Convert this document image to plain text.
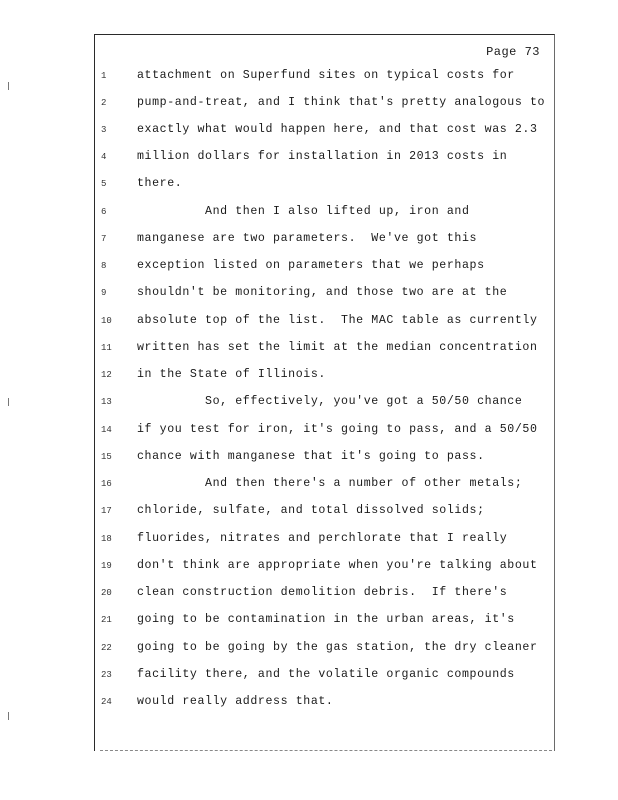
Page 73
1	attachment on Superfund sites on typical costs for
2	pump-and-treat, and I think that's pretty analogous to
3	exactly what would happen here, and that cost was 2.3
4	million dollars for installation in 2013 costs in
5	there.
6	And then I also lifted up, iron and
7	manganese are two parameters.  We've got this
8	exception listed on parameters that we perhaps
9	shouldn't be monitoring, and those two are at the
10	absolute top of the list.  The MAC table as currently
11	written has set the limit at the median concentration
12	in the State of Illinois.
13	So, effectively, you've got a 50/50 chance
14	if you test for iron, it's going to pass, and a 50/50
15	chance with manganese that it's going to pass.
16	And then there's a number of other metals;
17	chloride, sulfate, and total dissolved solids;
18	fluorides, nitrates and perchlorate that I really
19	don't think are appropriate when you're talking about
20	clean construction demolition debris.  If there's
21	going to be contamination in the urban areas, it's
22	going to be going by the gas station, the dry cleaner
23	facility there, and the volatile organic compounds
24	would really address that.
